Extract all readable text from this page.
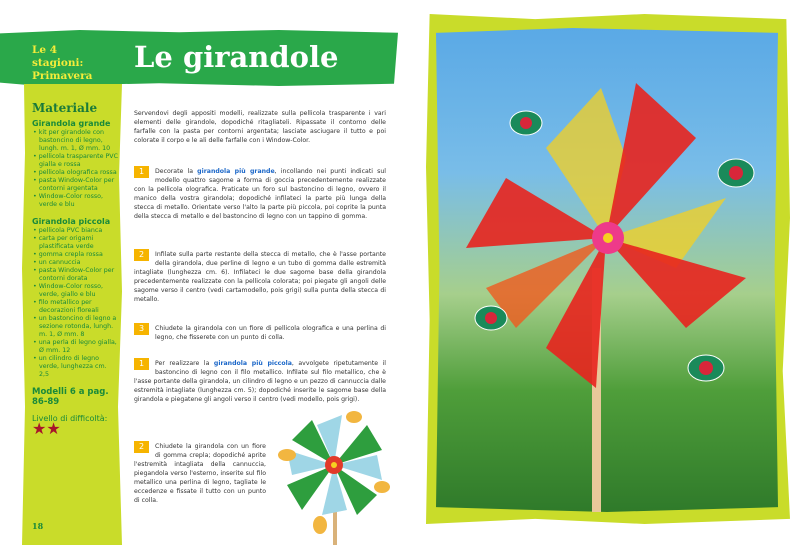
Le 4 stagioni: Primavera
Le girandole
Materiale
Girandola grande
• kit per girandole con bastoncino di legno, lungh. m. 1, Ø mm. 10
• pellicola trasparente PVC gialla e rossa
• pellicola olografica rossa
• pasta Window-Color per contorni argentata
• Window-Color rosso, verde e blu
Girandola piccola
• pellicola PVC bianca
• carta per origami plastificata verde
• gomma crepla rossa
• un cannuccia
• pasta Window-Color per contorni dorata
• Window-Color rosso, verde, giallo e blu
• filo metallico per decorazioni floreali
• un bastoncino di legno a sezione rotonda, lungh. m. 1, Ø mm. 8
• una perla di legno gialla, Ø mm. 12
• un cilindro di legno verde, lunghezza cm. 2,5
Modelli 6 a pag. 86-89
Livello di difficoltà:
★★
18
Servendovi degli appositi modelli, realizzate sulla pellicola trasparente i vari elementi delle girandole, dopodiché ritagliateli. Ripassate il contorno delle farfalle con la pasta per contorni argentata; lasciate asciugare il tutto e poi colorate il corpo e le ali delle farfalle con i Window-Color.
1	Decorate la girandola più grande, incollando nei punti indicati sul modello quattro sagome a forma di goccia precedentemente realizzate con la pellicola olografica. Praticate un foro sul bastoncino di legno, ovvero il manico della vostra girandola; dopodiché infilateci la parte più lunga della stecca di metallo. Orientate verso l'alto la parte più piccola, poi coprite la punta della stecca di metallo e del bastoncino di legno con un tappino di gomma.
2	Infilate sulla parte restante della stecca di metallo, che è l'asse portante della girandola, due perline di legno e un tubo di gomma dalle estremità intagliate (lunghezza cm. 6). Infilateci le due sagome base della girandola precedentemente realizzate con la pellicola colorata; poi piegate gli angoli delle sagome verso il centro (vedi cartamodello, pois grigi) sulla punta della stecca di metallo.
3	Chiudete la girandola con un fiore di pellicola olografica e una perlina di legno, che fisserete con un punto di colla.
1	Per realizzare la girandola più piccola, avvolgete ripetutamente il bastoncino di legno con il filo metallico. Infilate sul filo metallico, che è l'asse portante della girandola, un cilindro di legno e un pezzo di cannuccia dalle estremità intagliate (lunghezza cm. 5); dopodiché inserite le sagome base della girandola e piegatene gli angoli verso il centro (vedi modello, pois grigi).
2	Chiudete la girandola con un fiore di gomma crepla; dopodiché aprite l'estremità intagliata della cannuccia, piegandola verso l'esterno, inserite sul filo metallico una perlina di legno, tagliate le eccedenze e fissate il tutto con un punto di colla.
